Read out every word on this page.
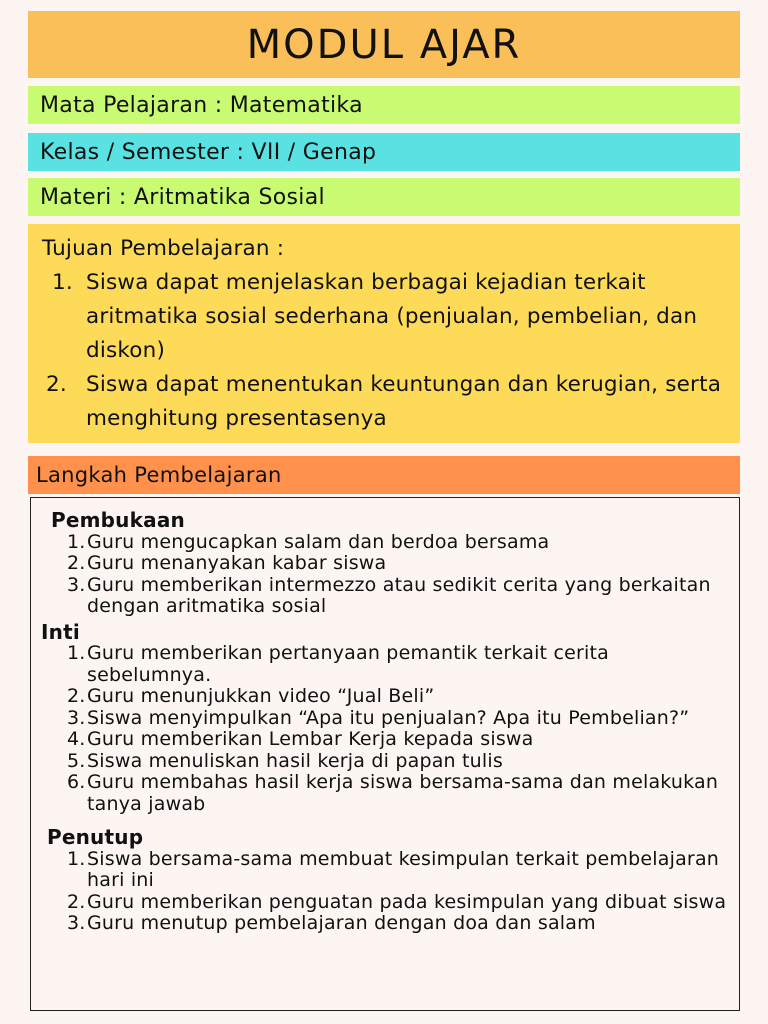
MODUL AJAR
Mata Pelajaran : Matematika
Kelas / Semester : VII / Genap
Materi : Aritmatika Sosial
Tujuan Pembelajaran :
1. Siswa dapat menjelaskan berbagai kejadian terkait aritmatika sosial sederhana (penjualan, pembelian, dan diskon)
2. Siswa dapat menentukan keuntungan dan kerugian, serta menghitung presentasenya
Langkah Pembelajaran

Pembukaan

1. Guru mengucapkan salam dan berdoa bersama
2. Guru menanyakan kabar siswa
3. Guru memberikan intermezzo atau sedikit cerita yang berkaitan dengan aritmatika sosial

Inti

1. Guru memberikan pertanyaan pemantik terkait cerita sebelumnya.
2. Guru menunjukkan video “Jual Beli”
3. Siswa menyimpulkan “Apa itu penjualan? Apa itu Pembelian?”
4. Guru memberikan Lembar Kerja kepada siswa
5. Siswa menuliskan hasil kerja di papan tulis
6. Guru membahas hasil kerja siswa bersama-sama dan melakukan tanya jawab

Penutup

1. Siswa bersama-sama membuat kesimpulan terkait pembelajaran hari ini
2. Guru memberikan penguatan pada kesimpulan yang dibuat siswa
3. Guru menutup pembelajaran dengan doa dan salam
